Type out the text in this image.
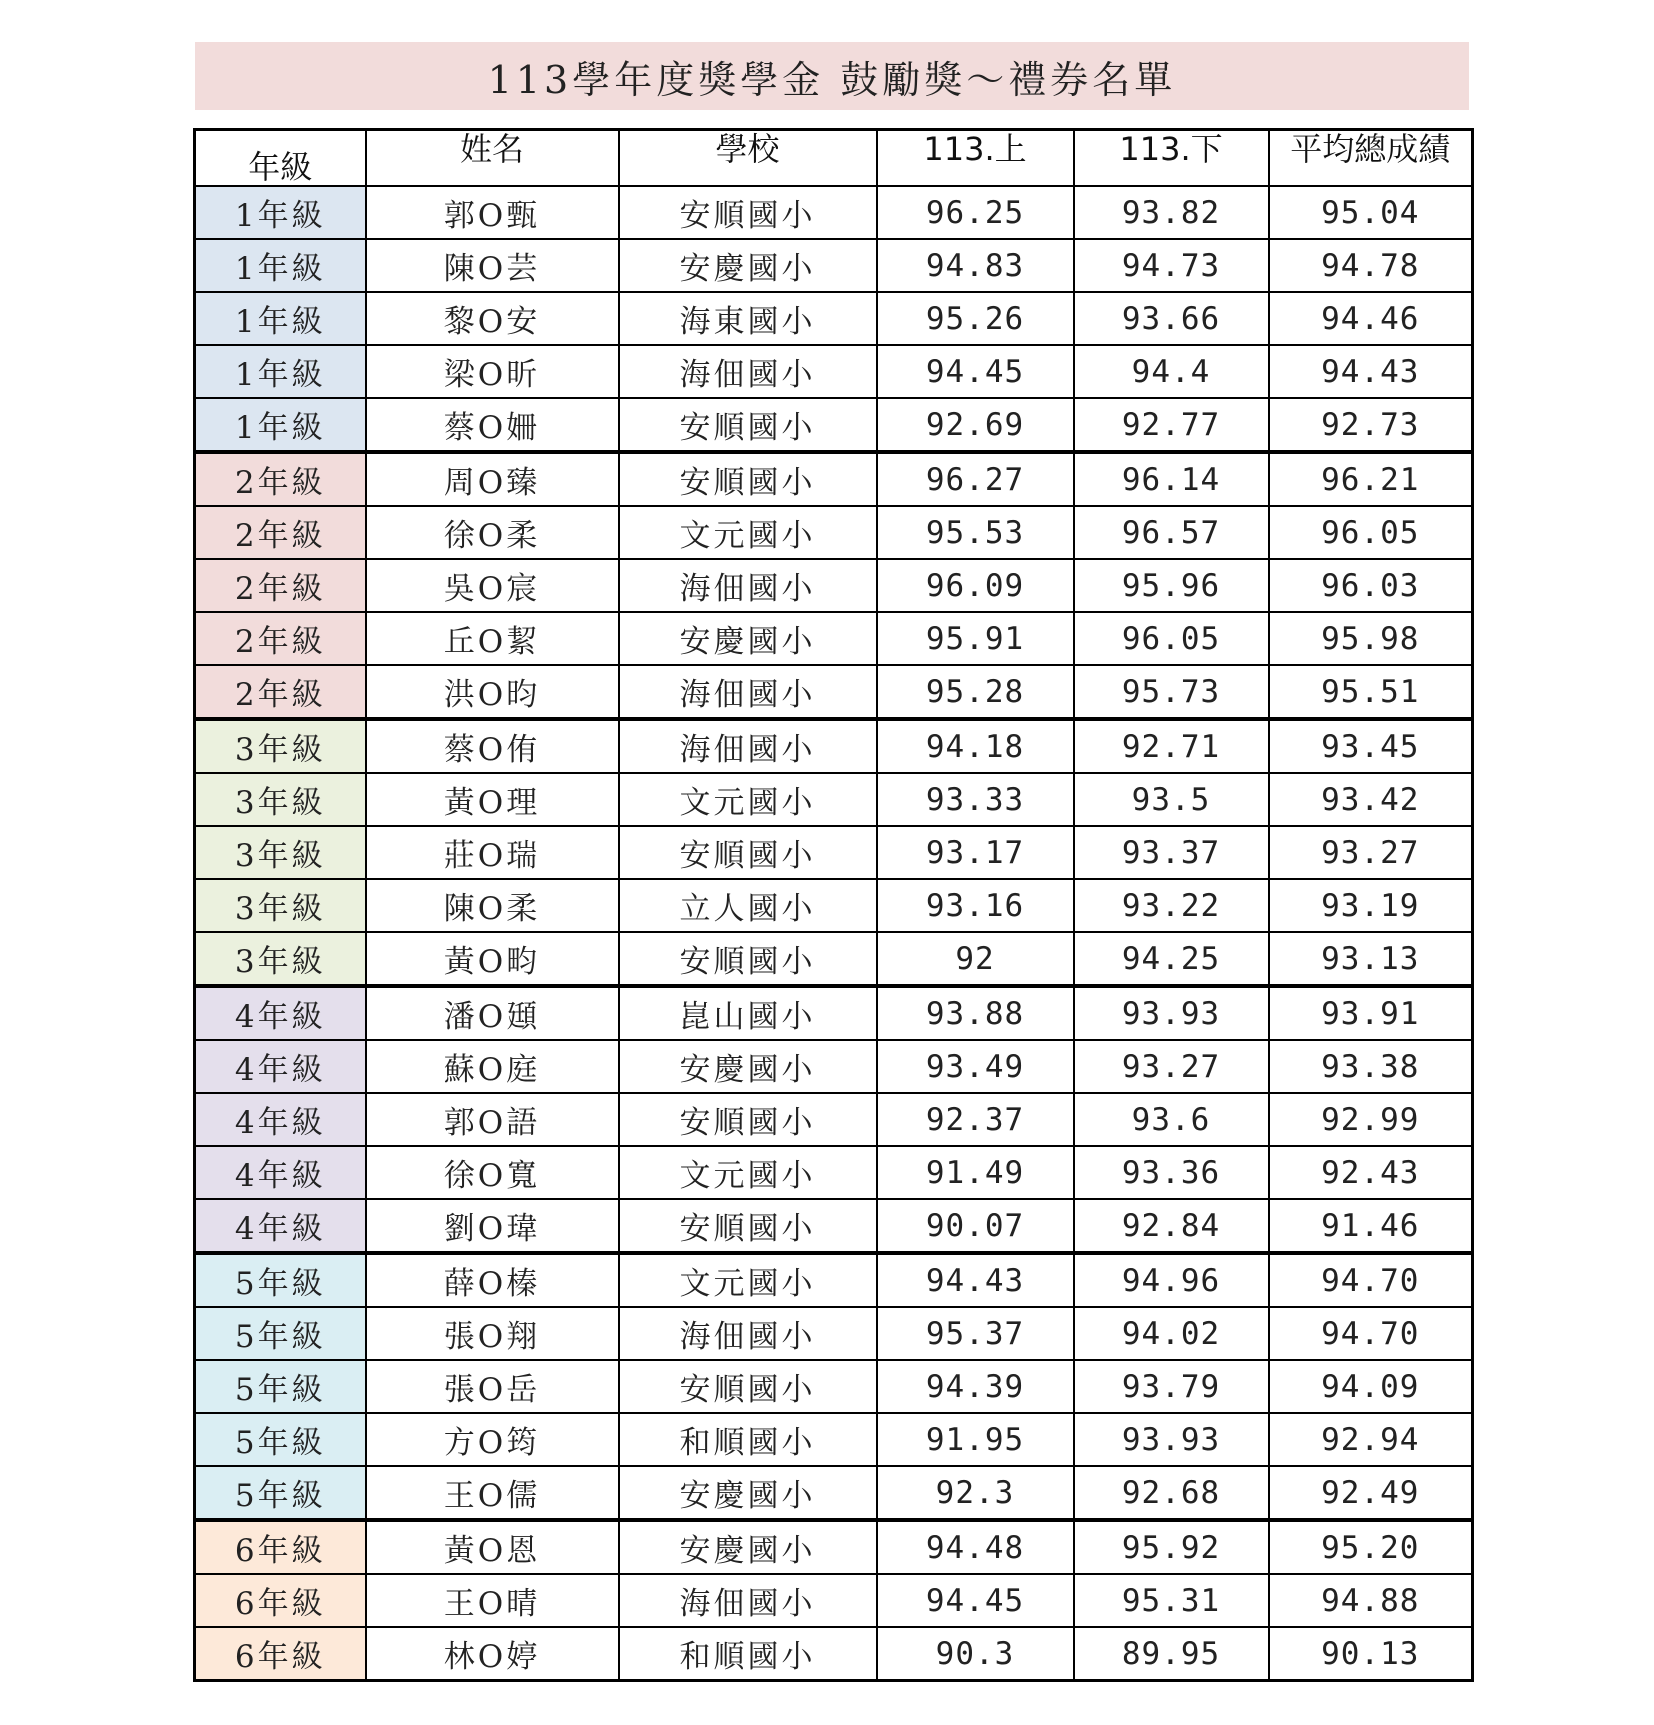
113學年度獎學金 鼓勵獎～禮券名單
年級	姓名	學校	113.上	113.下	平均總成績
1年級	郭O甄	安順國小	96.25	93.82	95.04
1年級	陳O芸	安慶國小	94.83	94.73	94.78
1年級	黎O安	海東國小	95.26	93.66	94.46
1年級	梁O昕	海佃國小	94.45	94.4	94.43
1年級	蔡O姍	安順國小	92.69	92.77	92.73
2年級	周O臻	安順國小	96.27	96.14	96.21
2年級	徐O柔	文元國小	95.53	96.57	96.05
2年級	吳O宸	海佃國小	96.09	95.96	96.03
2年級	丘O絜	安慶國小	95.91	96.05	95.98
2年級	洪O昀	海佃國小	95.28	95.73	95.51
3年級	蔡O侑	海佃國小	94.18	92.71	93.45
3年級	黃O理	文元國小	93.33	93.5	93.42
3年級	莊O瑞	安順國小	93.17	93.37	93.27
3年級	陳O柔	立人國小	93.16	93.22	93.19
3年級	黃O畇	安順國小	92	94.25	93.13
4年級	潘O頲	崑山國小	93.88	93.93	93.91
4年級	蘇O庭	安慶國小	93.49	93.27	93.38
4年級	郭O語	安順國小	92.37	93.6	92.99
4年級	徐O寬	文元國小	91.49	93.36	92.43
4年級	劉O瑋	安順國小	90.07	92.84	91.46
5年級	薛O榛	文元國小	94.43	94.96	94.70
5年級	張O翔	海佃國小	95.37	94.02	94.70
5年級	張O岳	安順國小	94.39	93.79	94.09
5年級	方O筠	和順國小	91.95	93.93	92.94
5年級	王O儒	安慶國小	92.3	92.68	92.49
6年級	黃O恩	安慶國小	94.48	95.92	95.20
6年級	王O晴	海佃國小	94.45	95.31	94.88
6年級	林O婷	和順國小	90.3	89.95	90.13
